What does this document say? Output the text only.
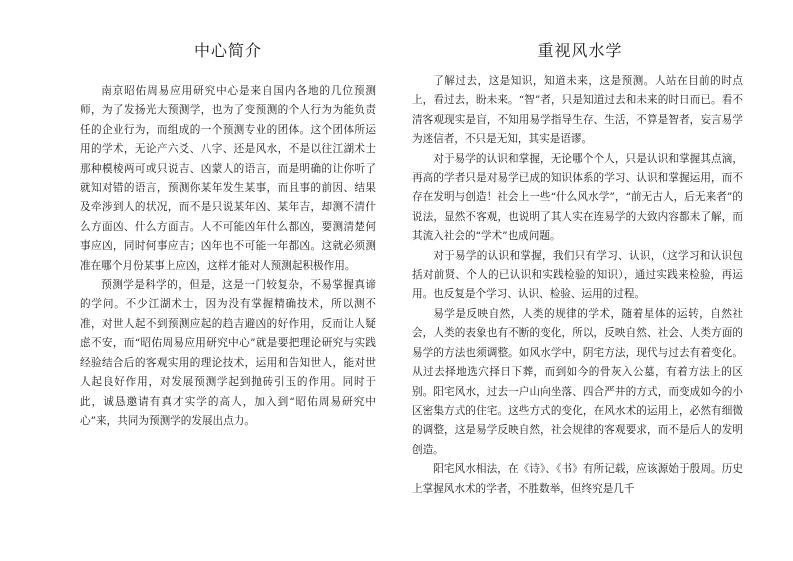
中心简介

南京昭佑周易应用研究中心是来自国内各地的几位预测师，为了发扬光大预测学，也为了变预测的个人行为为能负责任的企业行为，而组成的一个预测专业的团体。这个团体所运用的学术，无论产六爻、八字、还是风水，不是以往江湖术士那种模棱两可或只说吉、凶蒙人的语言，而是明确的让你听了就知对错的语言，预测你某年发生某事，而且事的前因、结果及牵涉到人的状况，而不是只说某年凶、某年吉，却测不清什么方面凶、什么方面吉。人不可能凶年什么都凶，要测清楚何事应凶，同时何事应吉；凶年也不可能一年都凶。这就必须测准在哪个月份某事上应凶，这样才能对人预测起积极作用。

预测学是科学的，但是，这是一门较复杂，不易掌握真谛的学问。不少江湖术士，因为没有掌握精确技术，所以测不准，对世人起不到预测应起的趋吉避凶的好作用，反而让人疑虑不安，而“昭佑周易应用研究中心”就是要把理论研究与实践经验结合后的客观实用的理论技术，运用和告知世人，能对世人起良好作用，对发展预测学起到抛砖引玉的作用。同时于此，诚恳邀请有真才实学的高人，加入到“昭佑周易研究中心”来，共同为预测学的发展出点力。

重视风水学

了解过去，这是知识，知道未来，这是预测。人站在目前的时点上，看过去，盼未来。“智”者，只是知道过去和未来的时日而已。看不清客观现实是盲，不知用易学指导生存、生活，不算是智者，妄言易学为迷信者，不只是无知，其实是语谬。

对于易学的认识和掌握，无论哪个个人，只是认识和掌握其点滴，再高的学者只是对易学已成的知识体系的学习、认识和掌握运用，而不存在发明与创造！社会上一些“什么风水学”，“前无古人，后无来者”的说法，显然不客观，也说明了其人实在连易学的大致内容都未了解，而其流入社会的“学术”也成问题。

对于易学的认识和掌握，我们只有学习、认识，（这学习和认识包括对前贤、个人的已认识和实践检验的知识），通过实践来检验，再运用。也反复是个学习、认识、检验、运用的过程。

易学是反映自然，人类的规律的学术，随着星体的运转，自然社会，人类的表象也有不断的变化，所以，反映自然、社会、人类方面的易学的方法也须调整。如风水学中，阴宅方法，现代与过去有着变化。从过去择地选穴择日下葬，而到如今的骨灰入公墓，有着方法上的区别。阳宅风水，过去一户山向坐落、四合严井的方式，而变成如今的小区密集方式的住宅。这些方式的变化，在风水术的运用上，必然有细微的调整，这是易学反映自然，社会规律的客观要求，而不是后人的发明创造。

阳宅风水相法，在《诗》、《书》有所记载，应该源始于殷周。历史上掌握风水术的学者，不胜数举，但终究是几千
